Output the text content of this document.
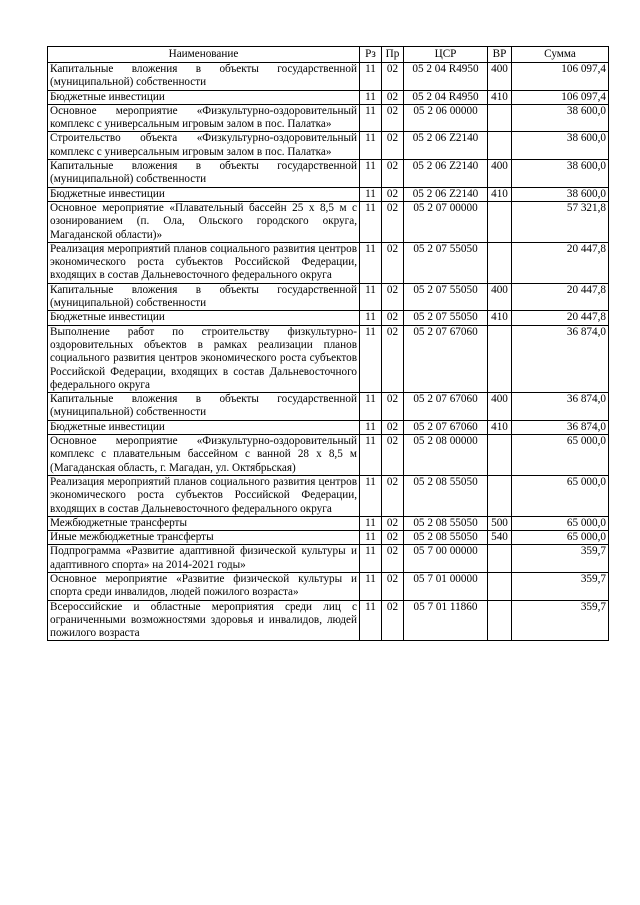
Наименование	Рз	Пр	ЦСР	ВР	Сумма
Капитальные вложения в объекты государственной (муниципальной) собственности	11	02	05 2 04 R4950	400	106 097,4
Бюджетные инвестиции	11	02	05 2 04 R4950	410	106 097,4
Основное мероприятие «Физкультурно-оздоровительный комплекс с универсальным игровым залом в пос. Палатка»	11	02	05 2 06 00000		38 600,0
Строительство объекта «Физкультурно-оздоровительный комплекс с универсальным игровым залом в пос. Палатка»	11	02	05 2 06 Z2140		38 600,0
Капитальные вложения в объекты государственной (муниципальной) собственности	11	02	05 2 06 Z2140	400	38 600,0
Бюджетные инвестиции	11	02	05 2 06 Z2140	410	38 600,0
Основное мероприятие «Плавательный бассейн 25 х 8,5 м с озонированием (п. Ола, Ольского городского округа, Магаданской области)»	11	02	05 2 07 00000		57 321,8
Реализация мероприятий планов социального развития центров экономического роста субъектов Российской Федерации, входящих в состав Дальневосточного федерального округа	11	02	05 2 07 55050		20 447,8
Капитальные вложения в объекты государственной (муниципальной) собственности	11	02	05 2 07 55050	400	20 447,8
Бюджетные инвестиции	11	02	05 2 07 55050	410	20 447,8
Выполнение работ по строительству физкультурно-оздоровительных объектов в рамках реализации планов социального развития центров экономического роста субъектов Российской Федерации, входящих в состав Дальневосточного федерального округа	11	02	05 2 07 67060		36 874,0
Капитальные вложения в объекты государственной (муниципальной) собственности	11	02	05 2 07 67060	400	36 874,0
Бюджетные инвестиции	11	02	05 2 07 67060	410	36 874,0
Основное мероприятие «Физкультурно-оздоровительный комплекс с плавательным бассейном с ванной 28 х 8,5 м (Магаданская область, г. Магадан, ул. Октябрьская)	11	02	05 2 08 00000		65 000,0
Реализация мероприятий планов социального развития центров экономического роста субъектов Российской Федерации, входящих в состав Дальневосточного федерального округа	11	02	05 2 08 55050		65 000,0
Межбюджетные трансферты	11	02	05 2 08 55050	500	65 000,0
Иные межбюджетные трансферты	11	02	05 2 08 55050	540	65 000,0
Подпрограмма «Развитие адаптивной физической культуры и адаптивного спорта» на 2014-2021 годы»	11	02	05 7 00 00000		359,7
Основное мероприятие «Развитие физической культуры и спорта среди инвалидов, людей пожилого возраста»	11	02	05 7 01 00000		359,7
Всероссийские и областные мероприятия среди лиц с ограниченными возможностями здоровья и инвалидов, людей пожилого возраста	11	02	05 7 01 11860		359,7
